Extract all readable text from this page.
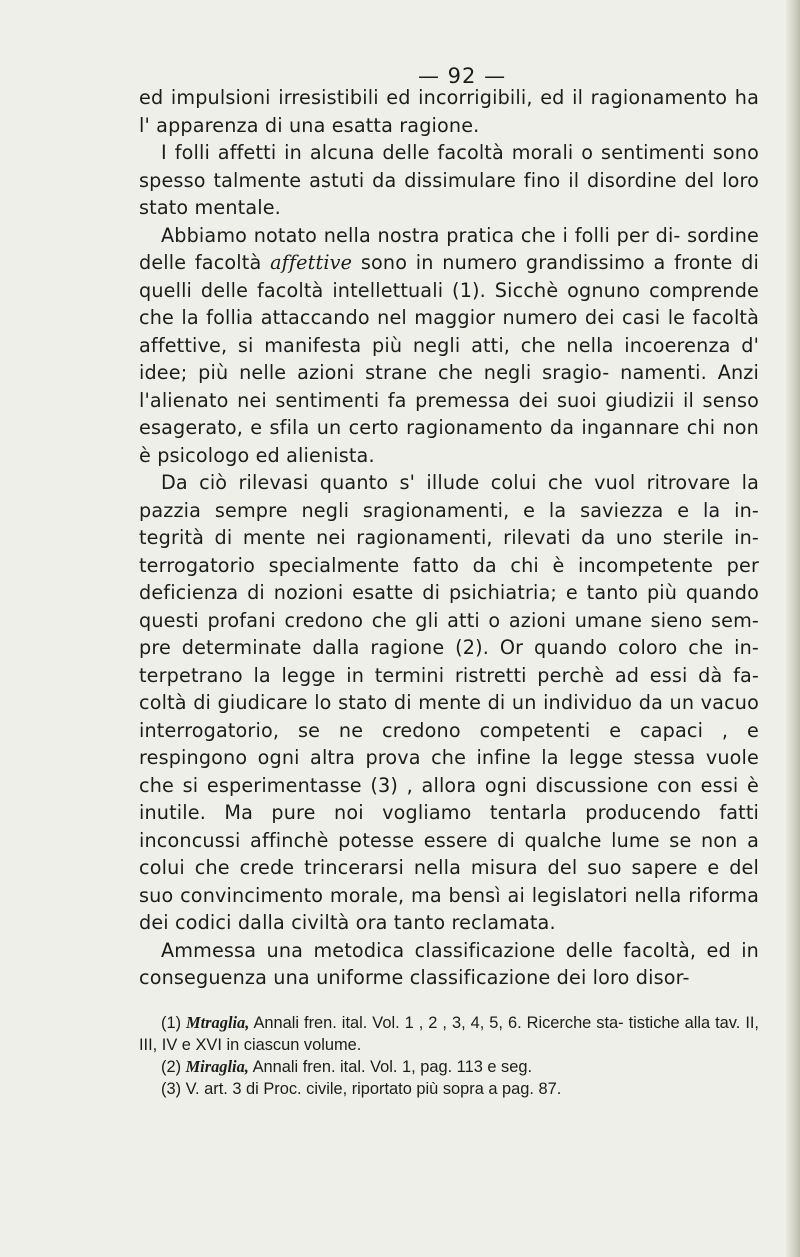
— 92 —

ed impulsioni irresistibili ed incorrigibili, ed il ragionamento ha l' apparenza di una esatta ragione.

I folli affetti in alcuna delle facoltà morali o sentimenti sono spesso talmente astuti da dissimulare fino il disordine del loro stato mentale.

Abbiamo notato nella nostra pratica che i folli per di- sordine delle facoltà affettive sono in numero grandissimo a fronte di quelli delle facoltà intellettuali (1). Sicchè ognuno comprende che la follia attaccando nel maggior numero dei casi le facoltà affettive, si manifesta più negli atti, che nella incoerenza d' idee; più nelle azioni strane che negli sragio- namenti. Anzi l'alienato nei sentimenti fa premessa dei suoi giudizii il senso esagerato, e sfila un certo ragionamento da ingannare chi non è psicologo ed alienista.

Da ciò rilevasi quanto s' illude colui che vuol ritrovare la pazzia sempre negli sragionamenti, e la saviezza e la in- tegrità di mente nei ragionamenti, rilevati da uno sterile in- terrogatorio specialmente fatto da chi è incompetente per deficienza di nozioni esatte di psichiatria; e tanto più quando questi profani credono che gli atti o azioni umane sieno sem- pre determinate dalla ragione (2). Or quando coloro che in- terpetrano la legge in termini ristretti perchè ad essi dà fa- coltà di giudicare lo stato di mente di un individuo da un vacuo interrogatorio, se ne credono competenti e capaci , e respingono ogni altra prova che infine la legge stessa vuole che si esperimentasse (3) , allora ogni discussione con essi è inutile. Ma pure noi vogliamo tentarla producendo fatti inconcussi affinchè potesse essere di qualche lume se non a colui che crede trincerarsi nella misura del suo sapere e del suo convincimento morale, ma bensì ai legislatori nella riforma dei codici dalla civiltà ora tanto reclamata.

Ammessa una metodica classificazione delle facoltà, ed in conseguenza una uniforme classificazione dei loro disor-

(1) Mtraglia, Annali fren. ital. Vol. 1 , 2 , 3, 4, 5, 6. Ricerche sta- tistiche alla tav. II, III, IV e XVI in ciascun volume.

(2) Miraglia, Annali fren. ital. Vol. 1, pag. 113 e seg.

(3) V. art. 3 di Proc. civile, riportato più sopra a pag. 87.
